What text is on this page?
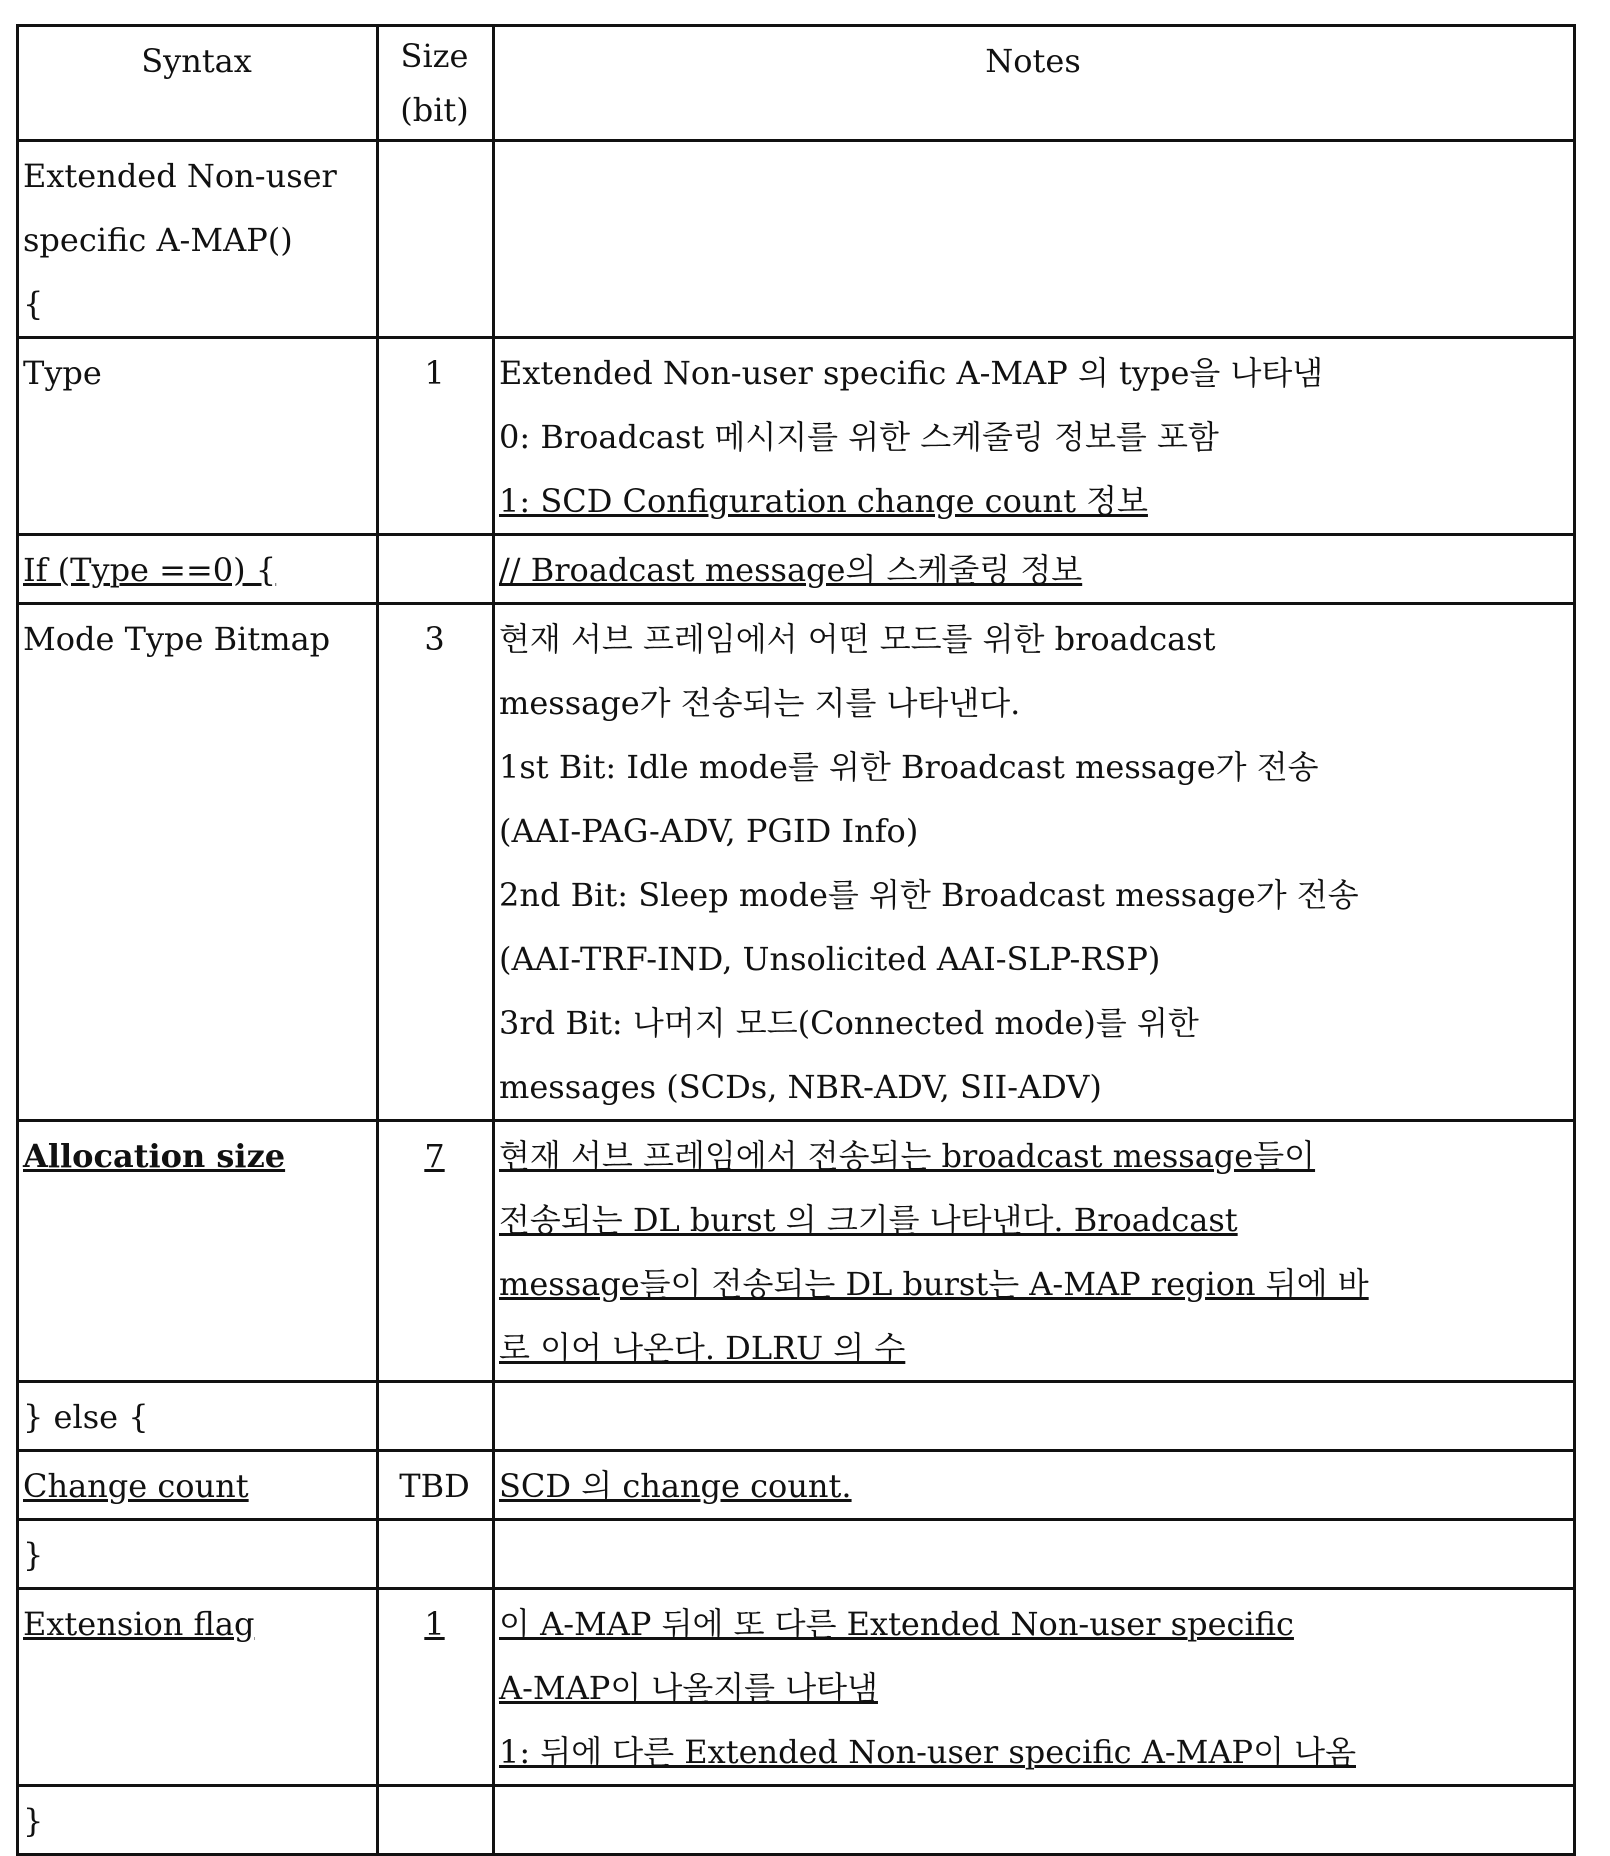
Syntax	Size (bit)	Notes

Extended Non-user
specific A-MAP()
{

Type	1	Extended Non-user specific A-MAP 의 type을 나타냄
0: Broadcast 메시지를 위한 스케줄링 정보를 포함
1: SCD Configuration change count 정보

If (Type ==0) {		// Broadcast message의 스케줄링 정보

Mode Type Bitmap	3	현재 서브 프레임에서 어떤 모드를 위한 broadcast
message가 전송되는 지를 나타낸다.
1st Bit: Idle mode를 위한 Broadcast message가 전송
(AAI-PAG-ADV, PGID Info)
2nd Bit: Sleep mode를 위한 Broadcast message가 전송
(AAI-TRF-IND, Unsolicited AAI-SLP-RSP)
3rd Bit: 나머지 모드(Connected mode)를 위한
messages (SCDs, NBR-ADV, SII-ADV)

Allocation size	7	현재 서브 프레임에서 전송되는 broadcast message들이
전송되는 DL burst 의 크기를 나타낸다. Broadcast
message들이 전송되는 DL burst는 A-MAP region 뒤에 바
로 이어 나온다. DLRU 의 수

} else {

Change count	TBD	SCD 의 change count.

}

Extension flag	1	이 A-MAP 뒤에 또 다른 Extended Non-user specific
A-MAP이 나올지를 나타냄
1: 뒤에 다른 Extended Non-user specific A-MAP이 나옴

}
